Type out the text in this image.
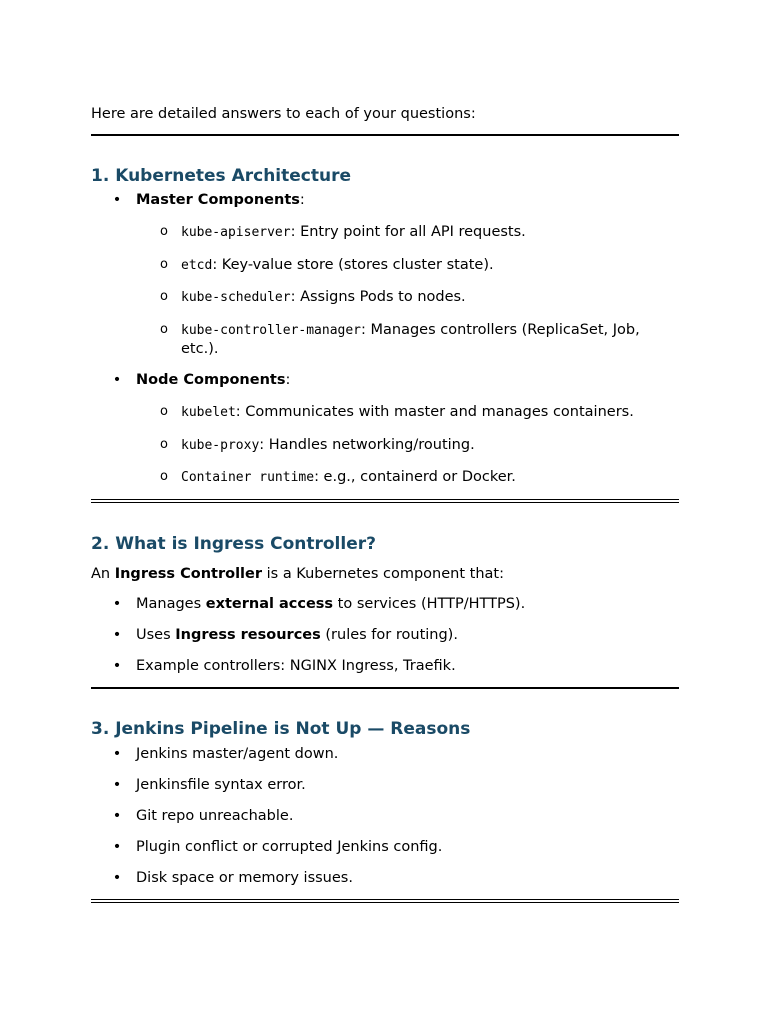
Here are detailed answers to each of your questions:
1. Kubernetes Architecture
• Master Components:
o kube-apiserver: Entry point for all API requests.
o etcd: Key-value store (stores cluster state).
o kube-scheduler: Assigns Pods to nodes.
o kube-controller-manager: Manages controllers (ReplicaSet, Job,
etc.).
• Node Components:
o kubelet: Communicates with master and manages containers.
o kube-proxy: Handles networking/routing.
o Container runtime: e.g., containerd or Docker.
2. What is Ingress Controller?
An Ingress Controller is a Kubernetes component that:
• Manages external access to services (HTTP/HTTPS).
• Uses Ingress resources (rules for routing).
• Example controllers: NGINX Ingress, Traefik.
3. Jenkins Pipeline is Not Up — Reasons
• Jenkins master/agent down.
• Jenkinsfile syntax error.
• Git repo unreachable.
• Plugin conflict or corrupted Jenkins config.
• Disk space or memory issues.
